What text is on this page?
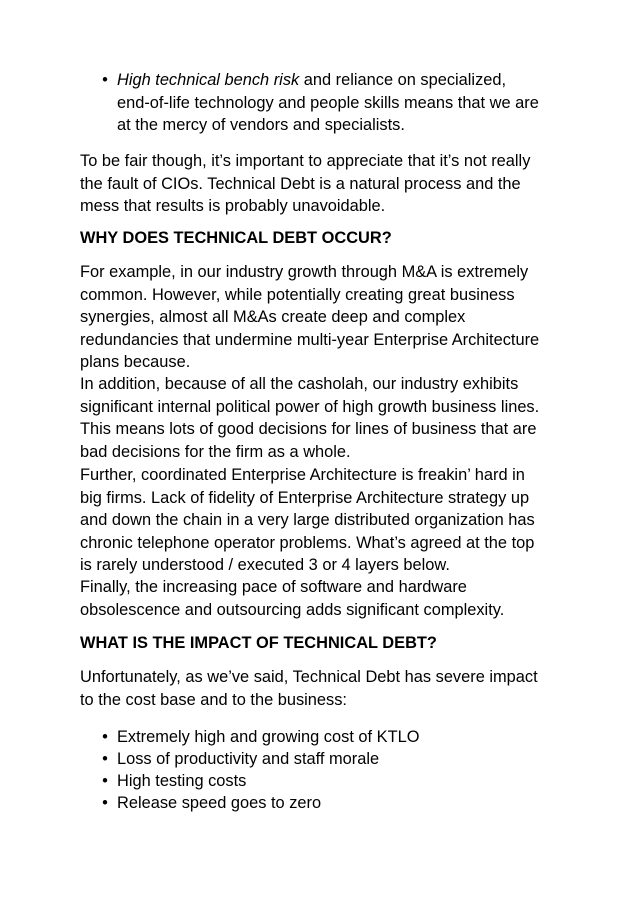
• High technical bench risk and reliance on specialized,
end-of-life technology and people skills means that we are
at the mercy of vendors and specialists.

To be fair though, it’s important to appreciate that it’s not really
the fault of CIOs. Technical Debt is a natural process and the
mess that results is probably unavoidable.

WHY DOES TECHNICAL DEBT OCCUR?

For example, in our industry growth through M&A is extremely
common. However, while potentially creating great business
synergies, almost all M&As create deep and complex
redundancies that undermine multi-year Enterprise Architecture
plans because.

In addition, because of all the casholah, our industry exhibits
significant internal political power of high growth business lines.
This means lots of good decisions for lines of business that are
bad decisions for the firm as a whole.

Further, coordinated Enterprise Architecture is freakin’ hard in
big firms. Lack of fidelity of Enterprise Architecture strategy up
and down the chain in a very large distributed organization has
chronic telephone operator problems. What’s agreed at the top
is rarely understood / executed 3 or 4 layers below.

Finally, the increasing pace of software and hardware
obsolescence and outsourcing adds significant complexity.

WHAT IS THE IMPACT OF TECHNICAL DEBT?

Unfortunately, as we’ve said, Technical Debt has severe impact
to the cost base and to the business:

• Extremely high and growing cost of KTLO
• Loss of productivity and staff morale
• High testing costs
• Release speed goes to zero
